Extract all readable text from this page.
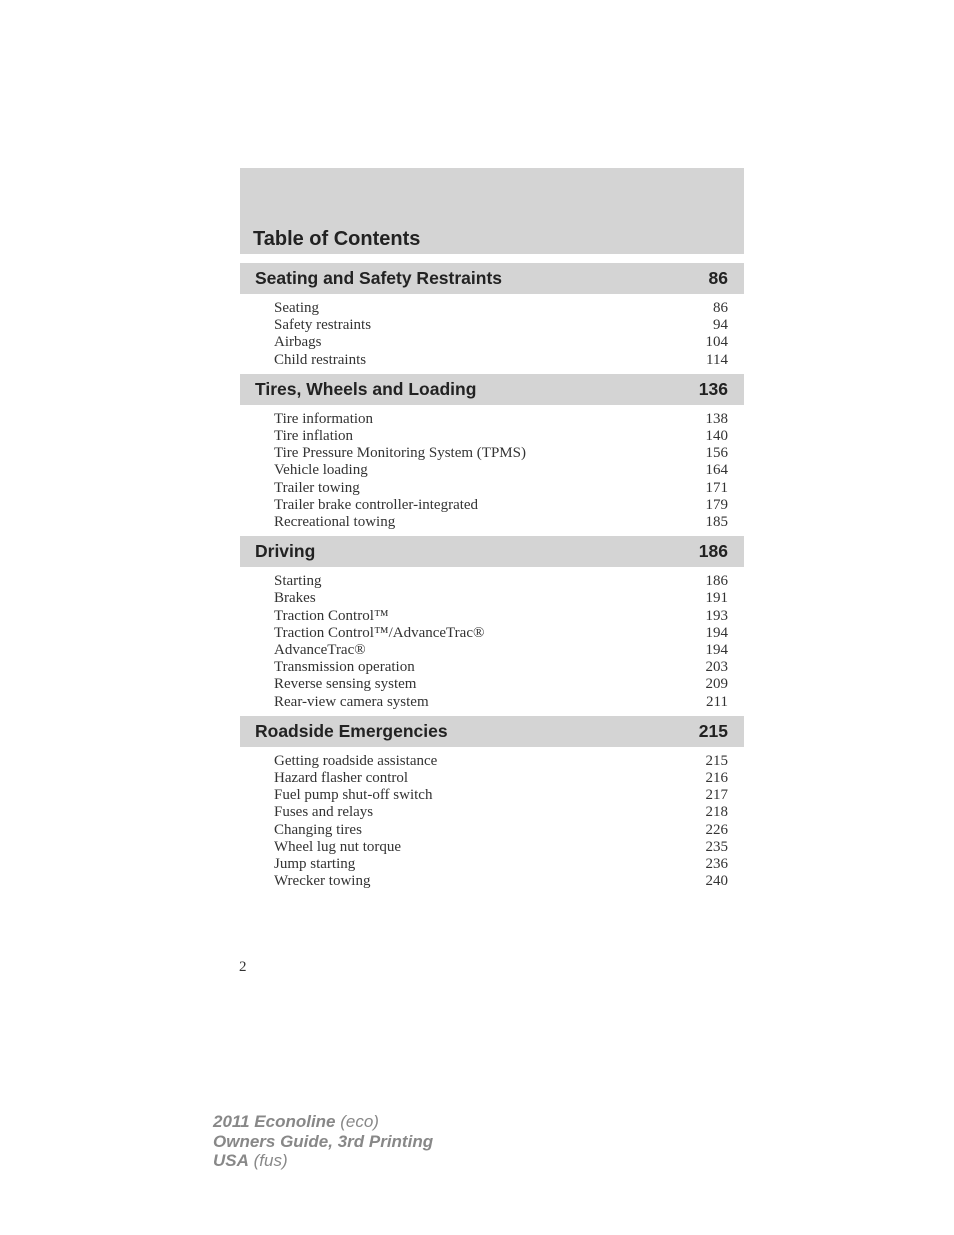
Table of Contents
Seating and Safety Restraints	86
Seating	86
Safety restraints	94
Airbags	104
Child restraints	114
Tires, Wheels and Loading	136
Tire information	138
Tire inflation	140
Tire Pressure Monitoring System (TPMS)	156
Vehicle loading	164
Trailer towing	171
Trailer brake controller-integrated	179
Recreational towing	185
Driving	186
Starting	186
Brakes	191
Traction Control™	193
Traction Control™/AdvanceTrac®	194
AdvanceTrac®	194
Transmission operation	203
Reverse sensing system	209
Rear-view camera system	211
Roadside Emergencies	215
Getting roadside assistance	215
Hazard flasher control	216
Fuel pump shut-off switch	217
Fuses and relays	218
Changing tires	226
Wheel lug nut torque	235
Jump starting	236
Wrecker towing	240
2
2011 Econoline (eco)
Owners Guide, 3rd Printing
USA (fus)
